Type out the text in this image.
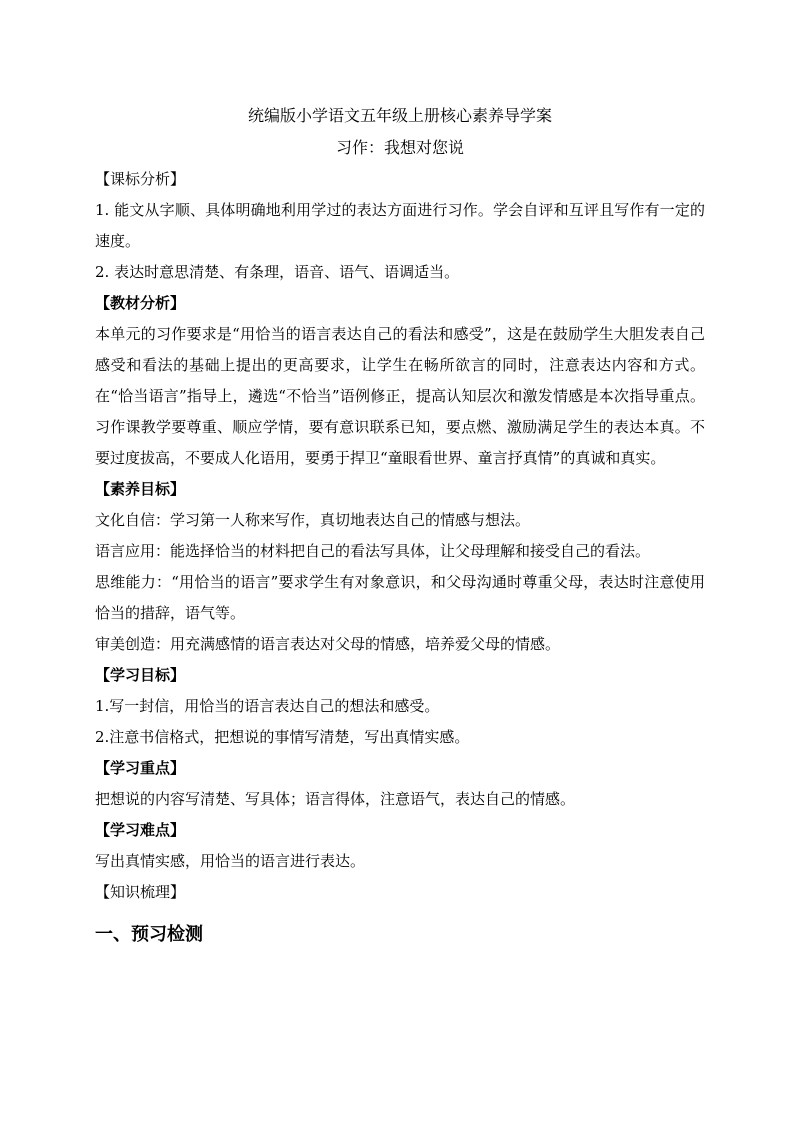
统编版小学语文五年级上册核心素养导学案
习作：我想对您说

【课标分析】

1. 能文从字顺、具体明确地利用学过的表达方面进行习作。学会自评和互评且写作有一定的速度。

2. 表达时意思清楚、有条理，语音、语气、语调适当。

【教材分析】

本单元的习作要求是“用恰当的语言表达自己的看法和感受”，这是在鼓励学生大胆发表自己感受和看法的基础上提出的更高要求，让学生在畅所欲言的同时，注意表达内容和方式。在“恰当语言”指导上，遴选“不恰当”语例修正，提高认知层次和激发情感是本次指导重点。习作课教学要尊重、顺应学情，要有意识联系已知，要点燃、激励满足学生的表达本真。不要过度拔高，不要成人化语用，要勇于捍卫“童眼看世界、童言抒真情”的真诚和真实。

【素养目标】

文化自信：学习第一人称来写作，真切地表达自己的情感与想法。

语言应用：能选择恰当的材料把自己的看法写具体，让父母理解和接受自己的看法。

思维能力：“用恰当的语言”要求学生有对象意识，和父母沟通时尊重父母，表达时注意使用恰当的措辞，语气等。

审美创造：用充满感情的语言表达对父母的情感，培养爱父母的情感。

【学习目标】

1.写一封信，用恰当的语言表达自己的想法和感受。

2.注意书信格式，把想说的事情写清楚，写出真情实感。

【学习重点】

把想说的内容写清楚、写具体；语言得体，注意语气，表达自己的情感。

【学习难点】

写出真情实感，用恰当的语言进行表达。

【知识梳理】

一、预习检测
